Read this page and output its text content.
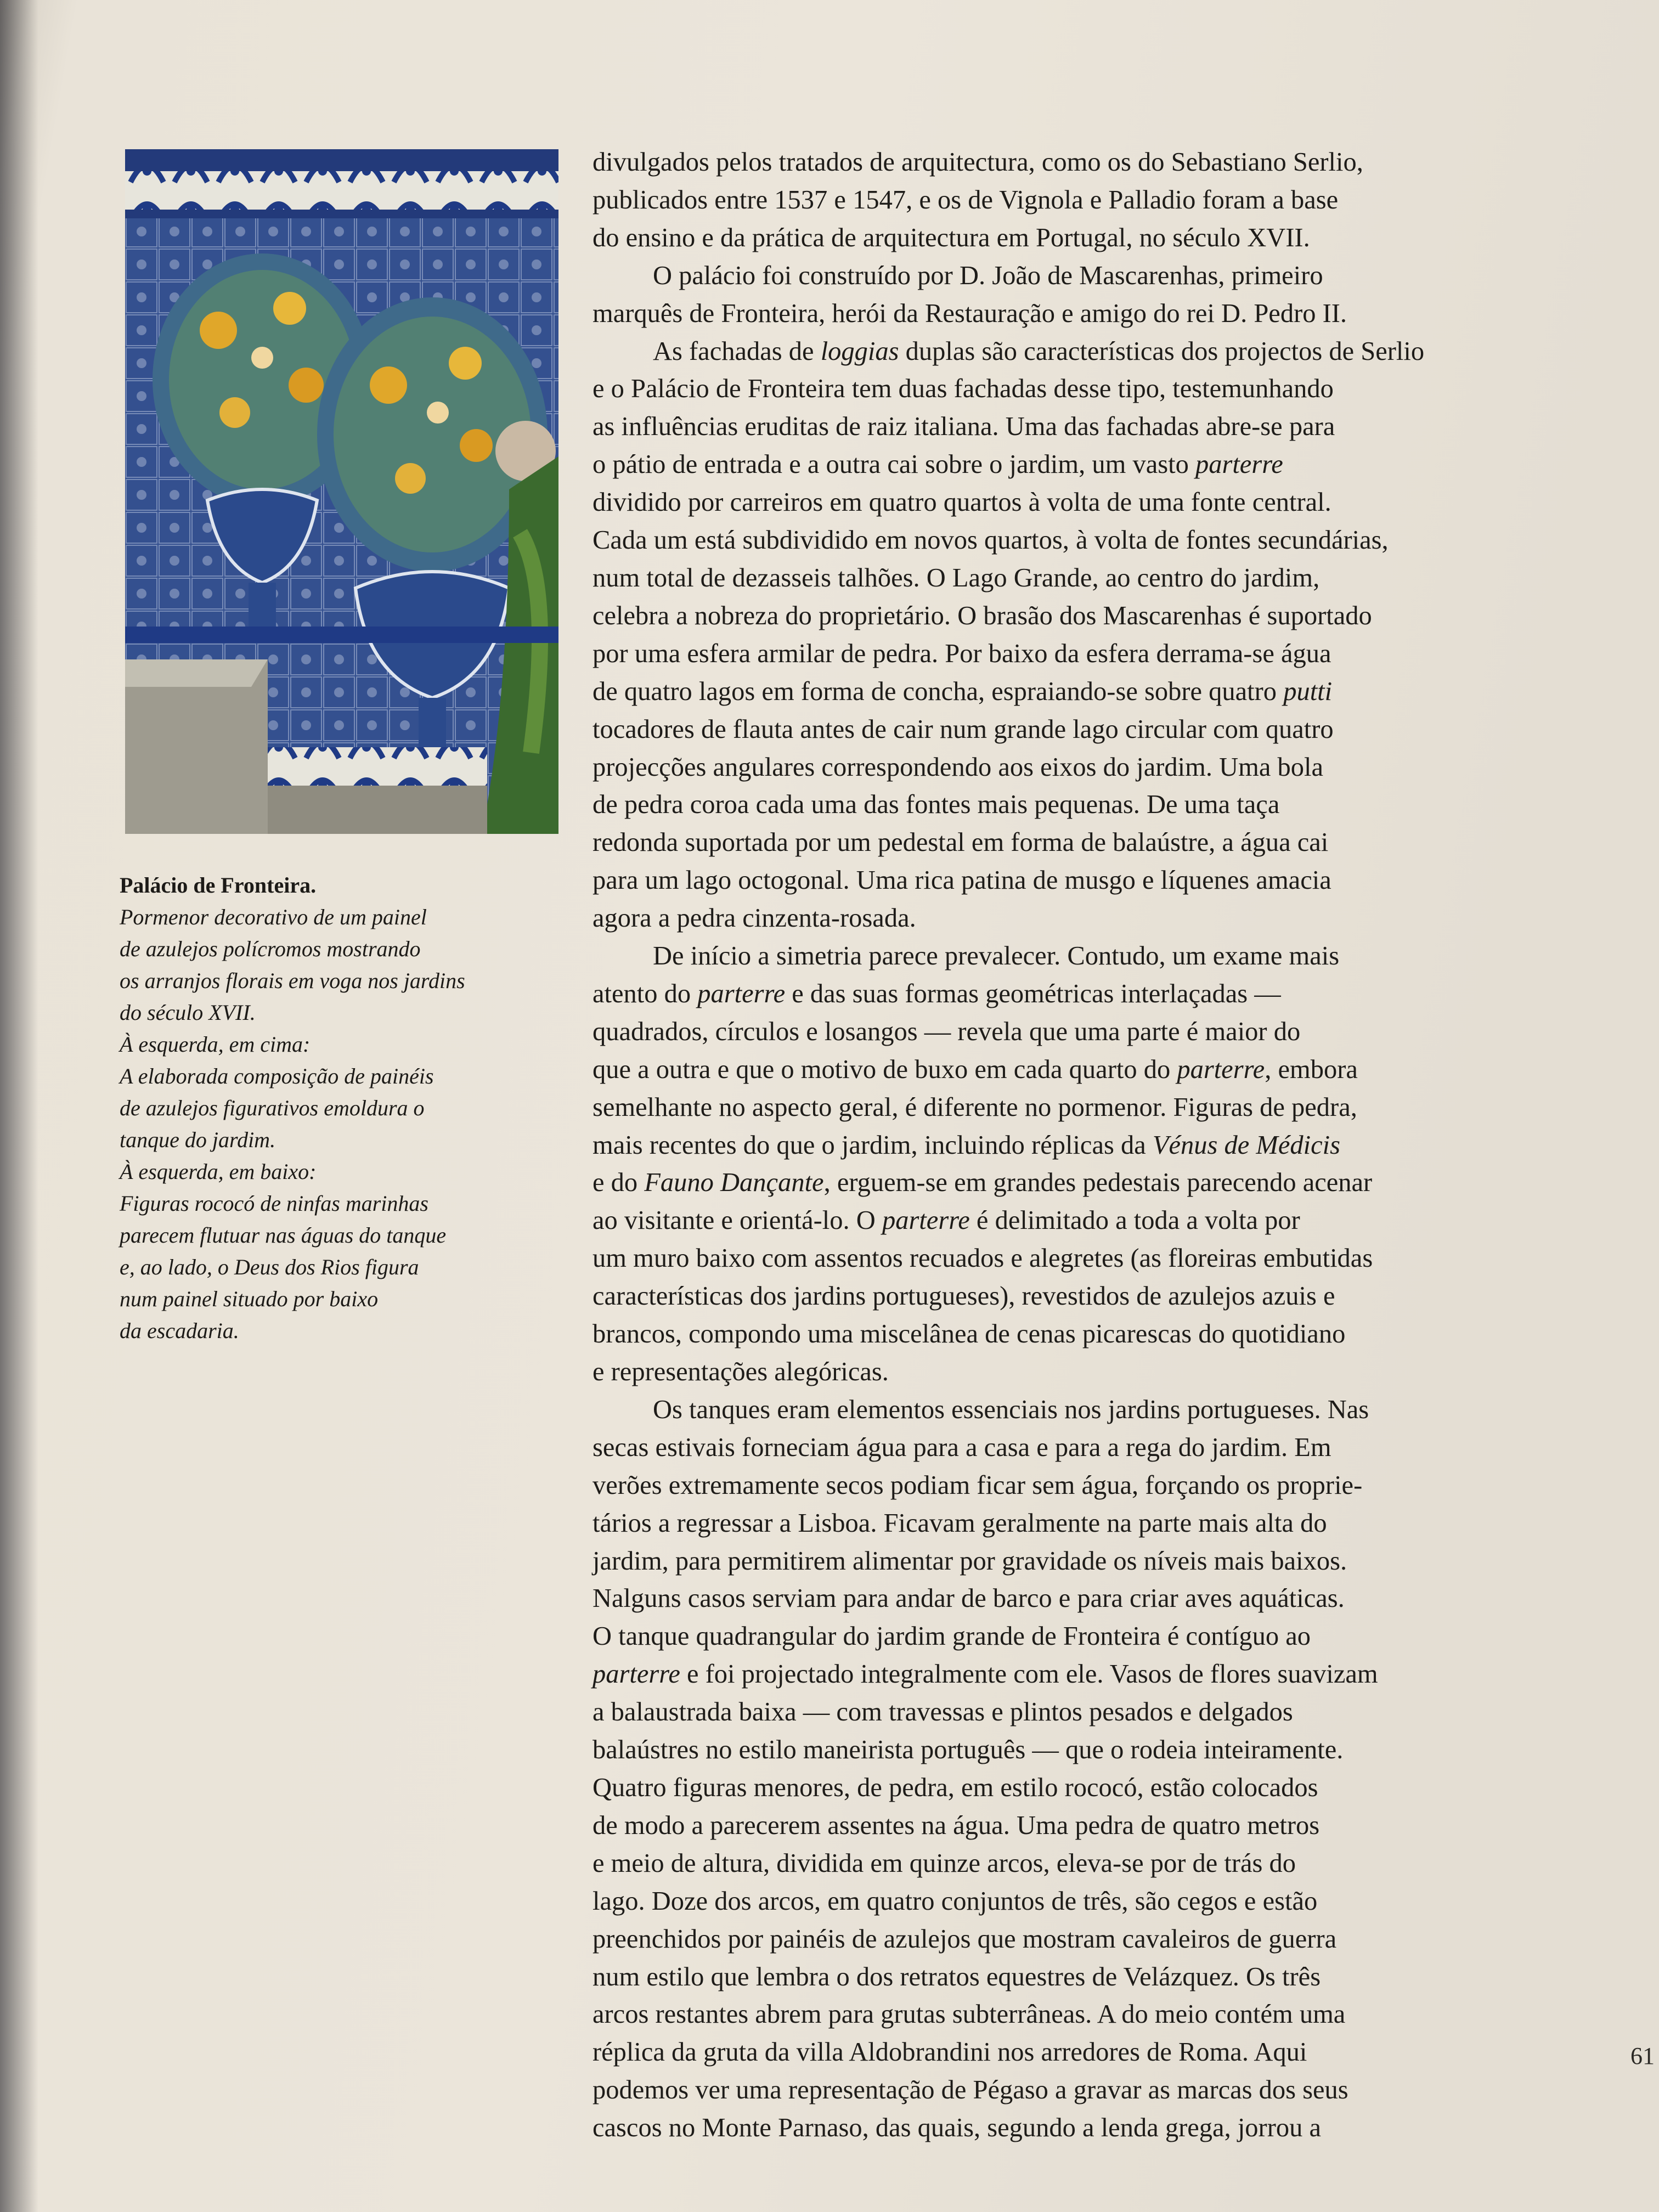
Palácio de Fronteira.
Pormenor decorativo de um painel
de azulejos polícromos mostrando
os arranjos florais em voga nos jardins
do século XVII.
À esquerda, em cima:
A elaborada composição de painéis
de azulejos figurativos emoldura o
tanque do jardim.
À esquerda, em baixo:
Figuras rococó de ninfas marinhas
parecem flutuar nas águas do tanque
e, ao lado, o Deus dos Rios figura
num painel situado por baixo
da escadaria.
divulgados pelos tratados de arquitectura, como os do Sebastiano Serlio,
publicados entre 1537 e 1547, e os de Vignola e Palladio foram a base
do ensino e da prática de arquitectura em Portugal, no século XVII.
O palácio foi construído por D. João de Mascarenhas, primeiro
marquês de Fronteira, herói da Restauração e amigo do rei D. Pedro II.
As fachadas de loggias duplas são características dos projectos de Serlio
e o Palácio de Fronteira tem duas fachadas desse tipo, testemunhando
as influências eruditas de raiz italiana. Uma das fachadas abre-se para
o pátio de entrada e a outra cai sobre o jardim, um vasto parterre
dividido por carreiros em quatro quartos à volta de uma fonte central.
Cada um está subdividido em novos quartos, à volta de fontes secundárias,
num total de dezasseis talhões. O Lago Grande, ao centro do jardim,
celebra a nobreza do proprietário. O brasão dos Mascarenhas é suportado
por uma esfera armilar de pedra. Por baixo da esfera derrama-se água
de quatro lagos em forma de concha, espraiando-se sobre quatro putti
tocadores de flauta antes de cair num grande lago circular com quatro
projecções angulares correspondendo aos eixos do jardim. Uma bola
de pedra coroa cada uma das fontes mais pequenas. De uma taça
redonda suportada por um pedestal em forma de balaústre, a água cai
para um lago octogonal. Uma rica patina de musgo e líquenes amacia
agora a pedra cinzenta-rosada.
De início a simetria parece prevalecer. Contudo, um exame mais
atento do parterre e das suas formas geométricas interlaçadas —
quadrados, círculos e losangos — revela que uma parte é maior do
que a outra e que o motivo de buxo em cada quarto do parterre, embora
semelhante no aspecto geral, é diferente no pormenor. Figuras de pedra,
mais recentes do que o jardim, incluindo réplicas da Vénus de Médicis
e do Fauno Dançante, erguem-se em grandes pedestais parecendo acenar
ao visitante e orientá-lo. O parterre é delimitado a toda a volta por
um muro baixo com assentos recuados e alegretes (as floreiras embutidas
características dos jardins portugueses), revestidos de azulejos azuis e
brancos, compondo uma miscelânea de cenas picarescas do quotidiano
e representações alegóricas.
Os tanques eram elementos essenciais nos jardins portugueses. Nas
secas estivais forneciam água para a casa e para a rega do jardim. Em
verões extremamente secos podiam ficar sem água, forçando os proprie-
tários a regressar a Lisboa. Ficavam geralmente na parte mais alta do
jardim, para permitirem alimentar por gravidade os níveis mais baixos.
Nalguns casos serviam para andar de barco e para criar aves aquáticas.
O tanque quadrangular do jardim grande de Fronteira é contíguo ao
parterre e foi projectado integralmente com ele. Vasos de flores suavizam
a balaustrada baixa — com travessas e plintos pesados e delgados
balaústres no estilo maneirista português — que o rodeia inteiramente.
Quatro figuras menores, de pedra, em estilo rococó, estão colocados
de modo a parecerem assentes na água. Uma pedra de quatro metros
e meio de altura, dividida em quinze arcos, eleva-se por de trás do
lago. Doze dos arcos, em quatro conjuntos de três, são cegos e estão
preenchidos por painéis de azulejos que mostram cavaleiros de guerra
num estilo que lembra o dos retratos equestres de Velázquez. Os três
arcos restantes abrem para grutas subterrâneas. A do meio contém uma
réplica da gruta da villa Aldobrandini nos arredores de Roma. Aqui
podemos ver uma representação de Pégaso a gravar as marcas dos seus
cascos no Monte Parnaso, das quais, segundo a lenda grega, jorrou a
61
